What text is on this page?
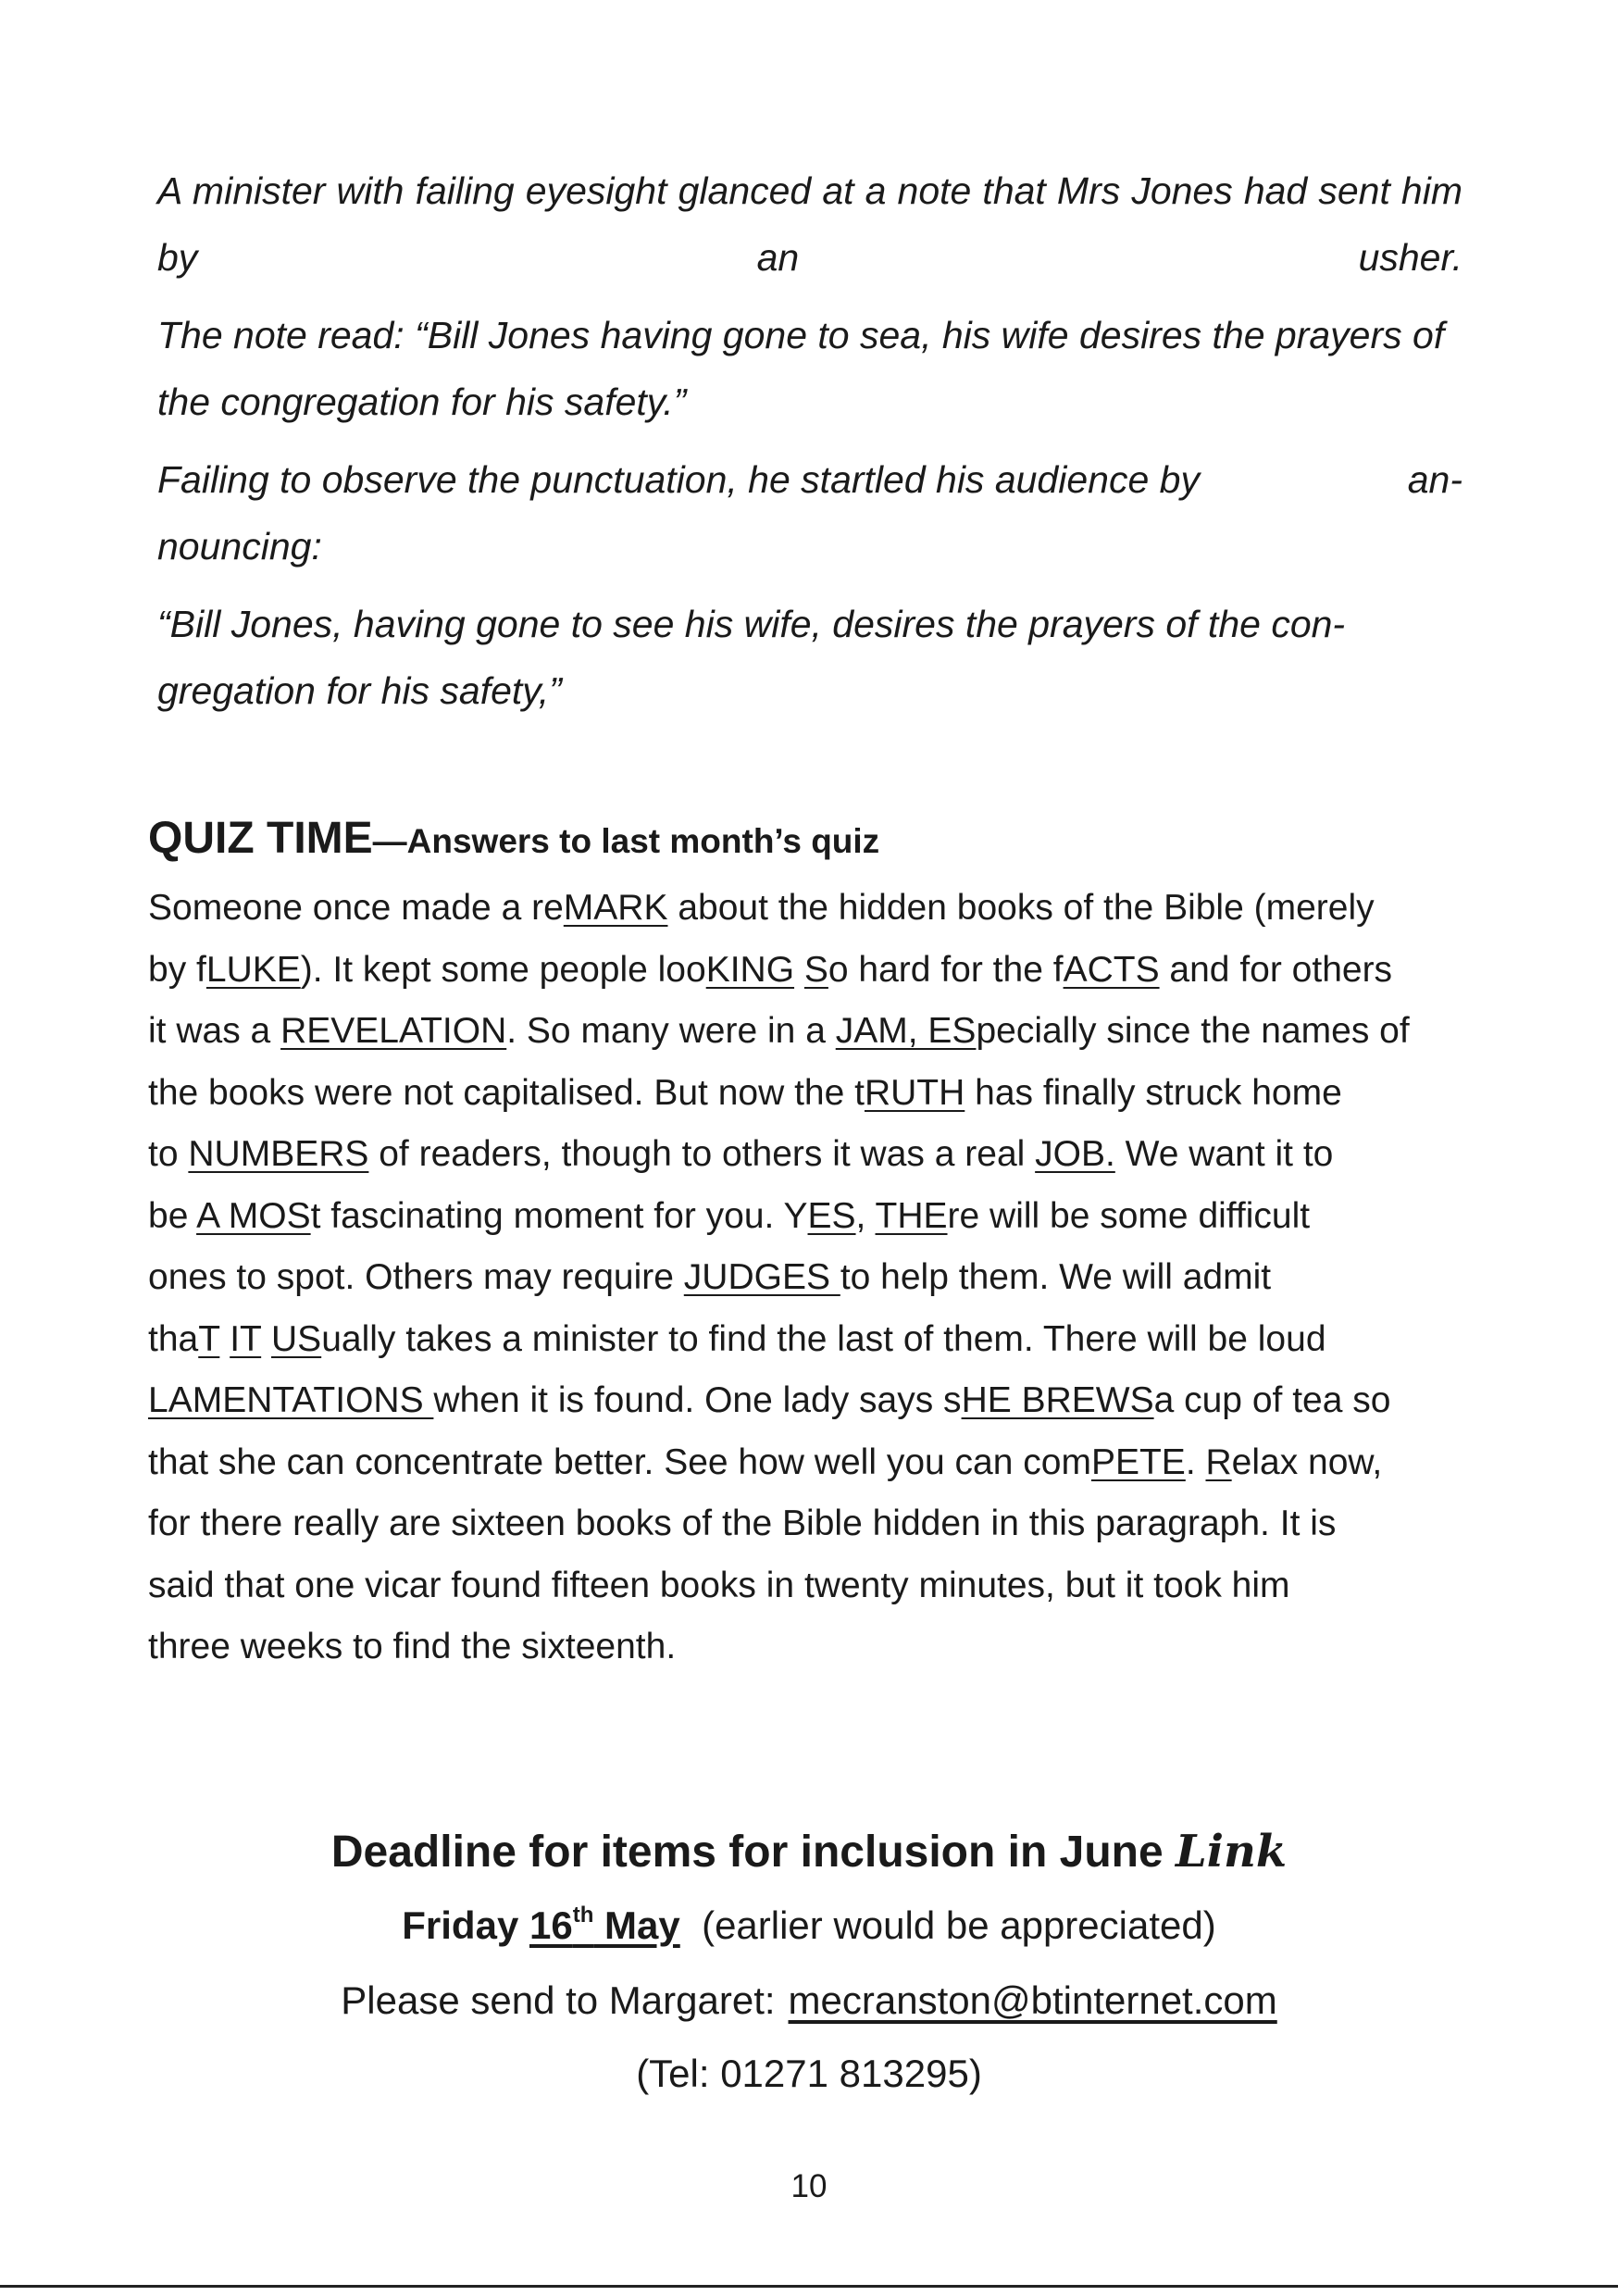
A minister with failing eyesight glanced at a note that Mrs Jones had sent him by an usher.

The note read: “Bill Jones having gone to sea, his wife desires the prayers of the congregation for his safety.”

Failing to observe the punctuation, he startled his audience by	an-
nouncing:

“Bill Jones, having gone to see his wife, desires the prayers of the con-
gregation for his safety,”

QUIZ TIME—Answers to last month’s quiz
Someone once made a reMARK about the hidden books of the Bible (merely
by fLUKE). It kept some people looKING So hard for the fACTS and for others
it was a REVELATION. So many were in a JAM, ESpecially since the names of
the books were not capitalised. But now the tRUTH has finally struck home
to NUMBERS of readers, though to others it was a real JOB. We want it to
be A MOSt fascinating moment for you. YES, THEre will be some difficult
ones to spot. Others may require JUDGES to help them. We will admit
thaT IT USually takes a minister to find the last of them. There will be loud
LAMENTATIONS when it is found. One lady says sHE BREWSa cup of tea so
that she can concentrate better. See how well you can comPETE. Relax now,
for there really are sixteen books of the Bible hidden in this paragraph. It is
said that one vicar found fifteen books in twenty minutes, but it took him
three weeks to find the sixteenth.
Deadline for items for inclusion in June Link
Friday 16th May (earlier would be appreciated)
Please send to Margaret: mecranston@btinternet.com
(Tel: 01271 813295)
10
